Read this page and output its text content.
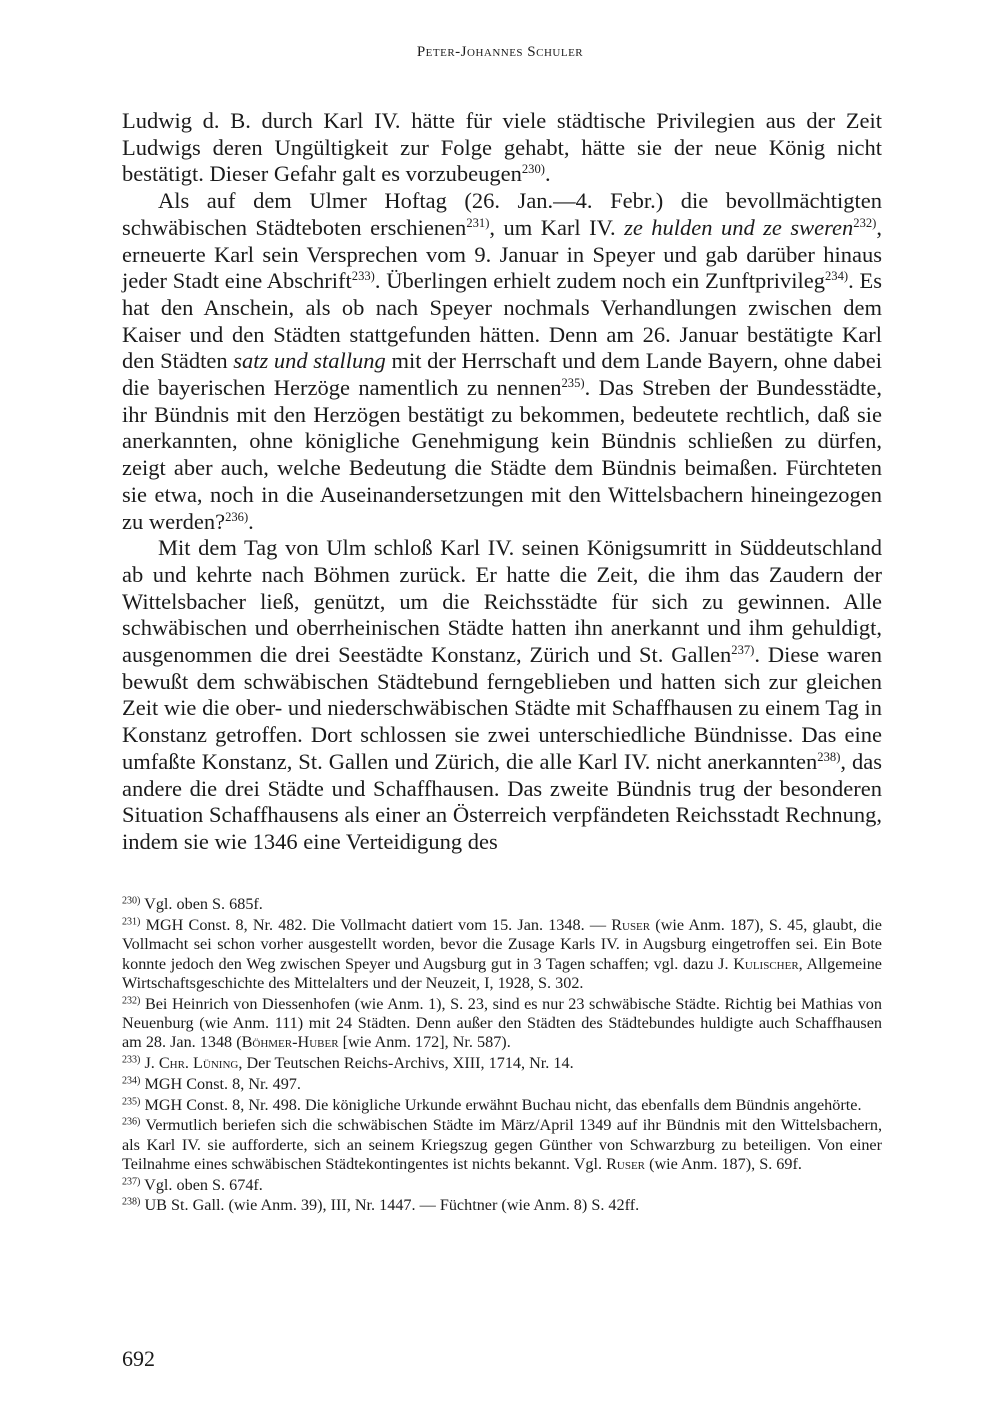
Peter-Johannes Schuler

Ludwig d. B. durch Karl IV. hätte für viele städtische Privilegien aus der Zeit Ludwigs deren Ungültigkeit zur Folge gehabt, hätte sie der neue König nicht bestätigt. Dieser Gefahr galt es vorzubeugen$^{230)}$.

Als auf dem Ulmer Hoftag (26. Jan.—4. Febr.) die bevollmächtigten schwäbischen Städteboten erschienen$^{231)}$, um Karl IV. ze hulden und ze sweren$^{232)}$, erneuerte Karl sein Versprechen vom 9. Januar in Speyer und gab darüber hinaus jeder Stadt eine Abschrift$^{233)}$. Überlingen erhielt zudem noch ein Zunftprivileg$^{234)}$. Es hat den Anschein, als ob nach Speyer nochmals Verhandlungen zwischen dem Kaiser und den Städten stattgefunden hätten. Denn am 26. Januar bestätigte Karl den Städten satz und stallung mit der Herrschaft und dem Lande Bayern, ohne dabei die bayerischen Herzöge namentlich zu nennen$^{235)}$. Das Streben der Bundesstädte, ihr Bündnis mit den Herzögen bestätigt zu bekommen, bedeutete rechtlich, daß sie anerkannten, ohne königliche Genehmigung kein Bündnis schließen zu dürfen, zeigt aber auch, welche Bedeutung die Städte dem Bündnis beimaßen. Fürchteten sie etwa, noch in die Auseinandersetzungen mit den Wittelsbachern hineingezogen zu werden?$^{236)}$.

Mit dem Tag von Ulm schloß Karl IV. seinen Königsumritt in Süddeutschland ab und kehrte nach Böhmen zurück. Er hatte die Zeit, die ihm das Zaudern der Wittelsbacher ließ, genützt, um die Reichsstädte für sich zu gewinnen. Alle schwäbischen und oberrheinischen Städte hatten ihn anerkannt und ihm gehuldigt, ausgenommen die drei Seestädte Konstanz, Zürich und St. Gallen$^{237)}$. Diese waren bewußt dem schwäbischen Städtebund ferngeblieben und hatten sich zur gleichen Zeit wie die ober- und niederschwäbischen Städte mit Schaffhausen zu einem Tag in Konstanz getroffen. Dort schlossen sie zwei unterschiedliche Bündnisse. Das eine umfaßte Konstanz, St. Gallen und Zürich, die alle Karl IV. nicht anerkannten$^{238)}$, das andere die drei Städte und Schaffhausen. Das zweite Bündnis trug der besonderen Situation Schaffhausens als einer an Österreich verpfändeten Reichsstadt Rechnung, indem sie wie 1346 eine Verteidigung des

$^{230)}$ Vgl. oben S. 685f.

$^{231)}$ MGH Const. 8, Nr. 482. Die Vollmacht datiert vom 15. Jan. 1348. — Ruser (wie Anm. 187), S. 45, glaubt, die Vollmacht sei schon vorher ausgestellt worden, bevor die Zusage Karls IV. in Augsburg eingetroffen sei. Ein Bote konnte jedoch den Weg zwischen Speyer und Augsburg gut in 3 Tagen schaffen; vgl. dazu J. Kulischer, Allgemeine Wirtschaftsgeschichte des Mittelalters und der Neuzeit, I, 1928, S. 302.

$^{232)}$ Bei Heinrich von Diessenhofen (wie Anm. 1), S. 23, sind es nur 23 schwäbische Städte. Richtig bei Mathias von Neuenburg (wie Anm. 111) mit 24 Städten. Denn außer den Städten des Städtebundes huldigte auch Schaffhausen am 28. Jan. 1348 (Böhmer-Huber [wie Anm. 172], Nr. 587).

$^{233)}$ J. Chr. Lüning, Der Teutschen Reichs-Archivs, XIII, 1714, Nr. 14.

$^{234)}$ MGH Const. 8, Nr. 497.

$^{235)}$ MGH Const. 8, Nr. 498. Die königliche Urkunde erwähnt Buchau nicht, das ebenfalls dem Bündnis angehörte.

$^{236)}$ Vermutlich beriefen sich die schwäbischen Städte im März/April 1349 auf ihr Bündnis mit den Wittelsbachern, als Karl IV. sie aufforderte, sich an seinem Kriegszug gegen Günther von Schwarzburg zu beteiligen. Von einer Teilnahme eines schwäbischen Städtekontingentes ist nichts bekannt. Vgl. Ruser (wie Anm. 187), S. 69f.

$^{237)}$ Vgl. oben S. 674f.

$^{238)}$ UB St. Gall. (wie Anm. 39), III, Nr. 1447. — Füchtner (wie Anm. 8) S. 42ff.

692
